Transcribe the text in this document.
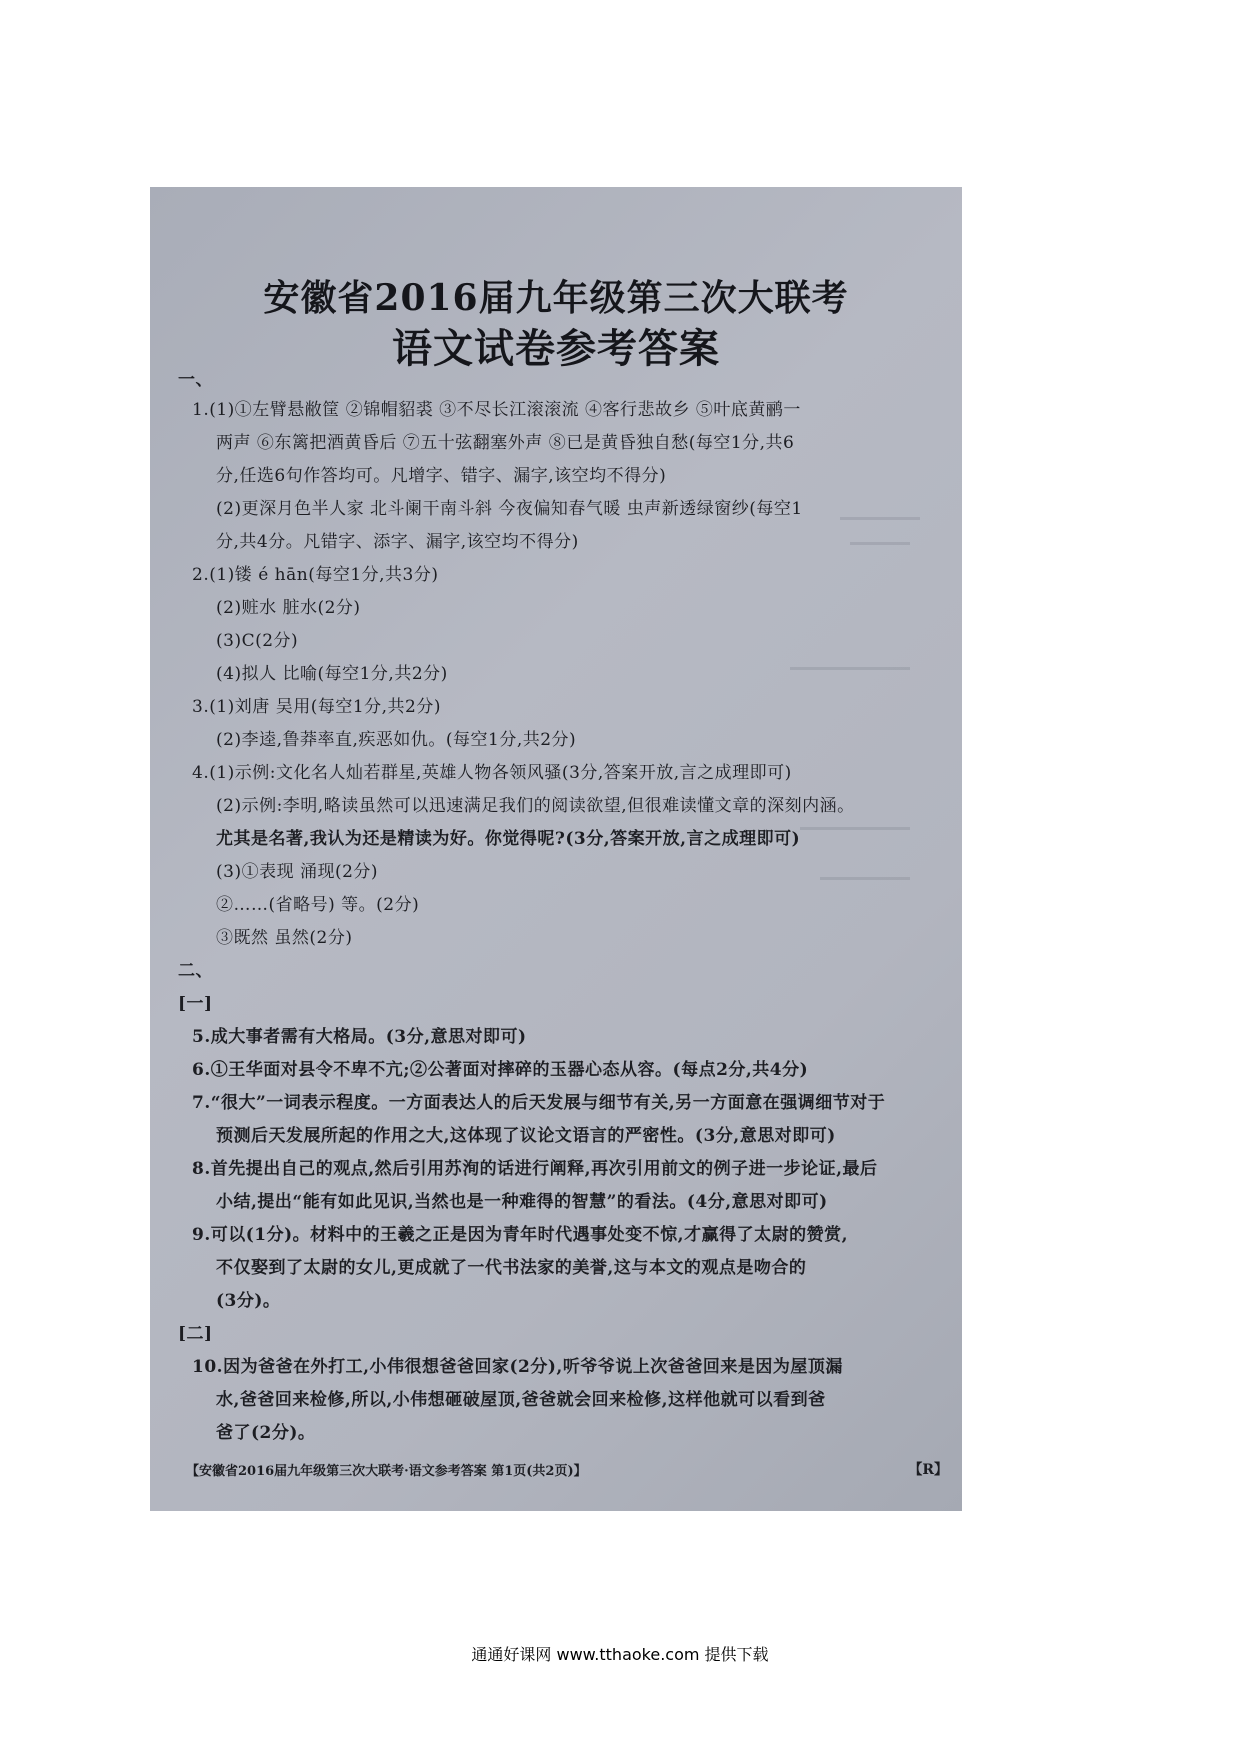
安徽省2016届九年级第三次大联考
语文试卷参考答案
一、
1.(1)①左臂悬敝筐 ②锦帽貂裘 ③不尽长江滚滚流 ④客行悲故乡 ⑤叶底黄鹂一
两声 ⑥东篱把酒黄昏后 ⑦五十弦翻塞外声 ⑧已是黄昏独自愁(每空1分,共6
分,任选6句作答均可。凡增字、错字、漏字,该空均不得分)
(2)更深月色半人家 北斗阑干南斗斜 今夜偏知春气暖 虫声新透绿窗纱(每空1
分,共4分。凡错字、添字、漏字,该空均不得分)
2.(1)镂 é hān(每空1分,共3分)
(2)赃水 脏水(2分)
(3)C(2分)
(4)拟人 比喻(每空1分,共2分)
3.(1)刘唐 吴用(每空1分,共2分)
(2)李逵,鲁莽率直,疾恶如仇。(每空1分,共2分)
4.(1)示例:文化名人灿若群星,英雄人物各领风骚(3分,答案开放,言之成理即可)
(2)示例:李明,略读虽然可以迅速满足我们的阅读欲望,但很难读懂文章的深刻内涵。
尤其是名著,我认为还是精读为好。你觉得呢?(3分,答案开放,言之成理即可)
(3)①表现 涌现(2分)
②……(省略号) 等。(2分)
③既然 虽然(2分)
二、
[一]
5.成大事者需有大格局。(3分,意思对即可)
6.①王华面对县令不卑不亢;②公著面对摔碎的玉器心态从容。(每点2分,共4分)
7.“很大”一词表示程度。一方面表达人的后天发展与细节有关,另一方面意在强调细节对于
预测后天发展所起的作用之大,这体现了议论文语言的严密性。(3分,意思对即可)
8.首先提出自己的观点,然后引用苏洵的话进行阐释,再次引用前文的例子进一步论证,最后
小结,提出“能有如此见识,当然也是一种难得的智慧”的看法。(4分,意思对即可)
9.可以(1分)。材料中的王羲之正是因为青年时代遇事处变不惊,才赢得了太尉的赞赏,
不仅娶到了太尉的女儿,更成就了一代书法家的美誉,这与本文的观点是吻合的
(3分)。
[二]
10.因为爸爸在外打工,小伟很想爸爸回家(2分),听爷爷说上次爸爸回来是因为屋顶漏
水,爸爸回来检修,所以,小伟想砸破屋顶,爸爸就会回来检修,这样他就可以看到爸
爸了(2分)。
【安徽省2016届九年级第三次大联考·语文参考答案 第1页(共2页)】	【R】
通通好课网 www.tthaoke.com 提供下载
